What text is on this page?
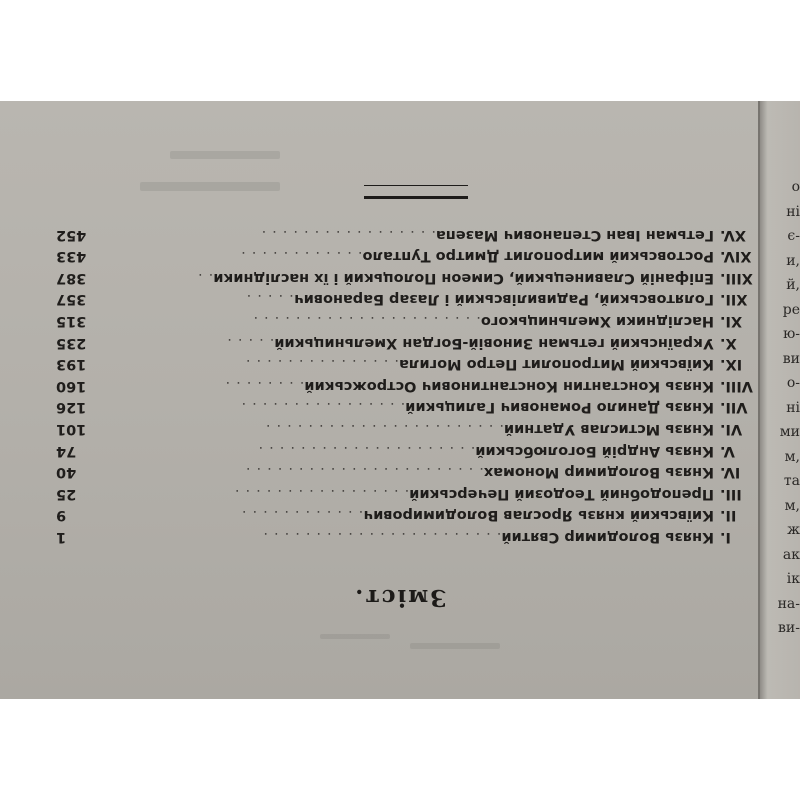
Зміст.
I.Князь Володимир Святий.......................
1
II.Київський князь Ярослав Володимирович............
9
III.Преподобний Теодозий Печерський.................
25
IV.Князь Володимир Мономах.......................
40
V.Князь Андрій Боголюбський.....................
74
VI.Князь Мстислав Удатний.......................
101
VII.Князь Данило Романович Галицький................
126
VIII.Князь Константин Константинович Острожський........
160
IX.Київський Митрополит Петро Могила...............
193
X.Український гетьман Зиновій-Богдан Хмельницький.....
235
XI.Наслідники Хмельницького......................
315
XII.Голятовський, Радивилівський і Лазар Баранович.....
357
XIII.Епіфаній Славинецький, Симеон Полоцький і їх наслідники..
387
XIV.Ростовський митрополит Дмитро Туптало............
433
XV.Гетьман Іван Степанович Мазепа.................
452
о
ні
є-
и,
й,
ре
ю-
ви
о-
ні
ми
м,
та
м,
ж
ак
ік
на-
ви-
